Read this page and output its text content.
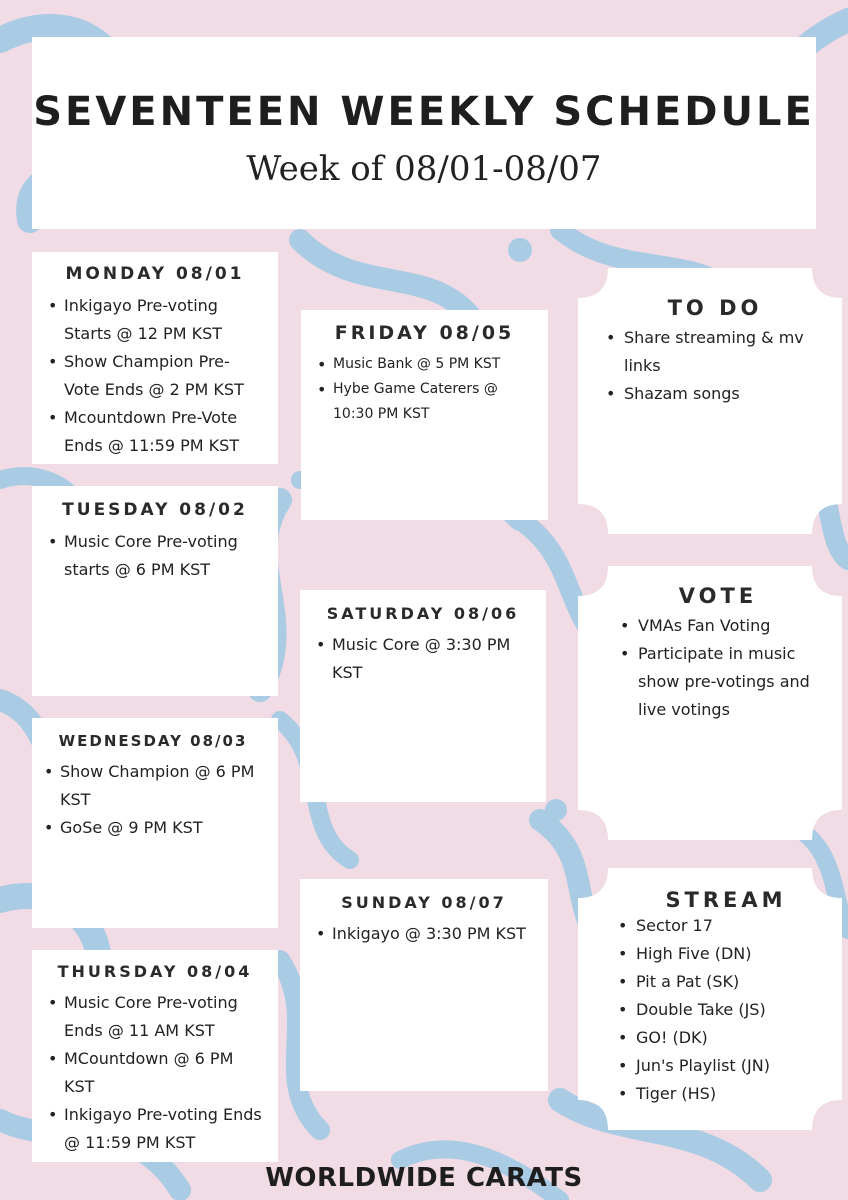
SEVENTEEN WEEKLY SCHEDULE
Week of 08/01-08/07
MONDAY 08/01
• Inkigayo Pre-voting Starts @ 12 PM KST
• Show Champion Pre-Vote Ends @ 2 PM KST
• Mcountdown Pre-Vote Ends @ 11:59 PM KST
TUESDAY 08/02
• Music Core Pre-voting starts @ 6 PM KST
WEDNESDAY 08/03
• Show Champion @ 6 PM KST
• GoSe @ 9 PM KST
THURSDAY 08/04
• Music Core Pre-voting Ends @ 11 AM KST
• MCountdown @ 6 PM KST
• Inkigayo Pre-voting Ends @ 11:59 PM KST
FRIDAY 08/05
• Music Bank @ 5 PM KST
• Hybe Game Caterers @ 10:30 PM KST
SATURDAY 08/06
• Music Core @ 3:30 PM KST
SUNDAY 08/07
• Inkigayo @ 3:30 PM KST
TO DO
• Share streaming & mv links
• Shazam songs
VOTE
• VMAs Fan Voting
• Participate in music show pre-votings and live votings
STREAM
• Sector 17
• High Five (DN)
• Pit a Pat (SK)
• Double Take (JS)
• GO! (DK)
• Jun's Playlist (JN)
• Tiger (HS)
WORLDWIDE CARATS
